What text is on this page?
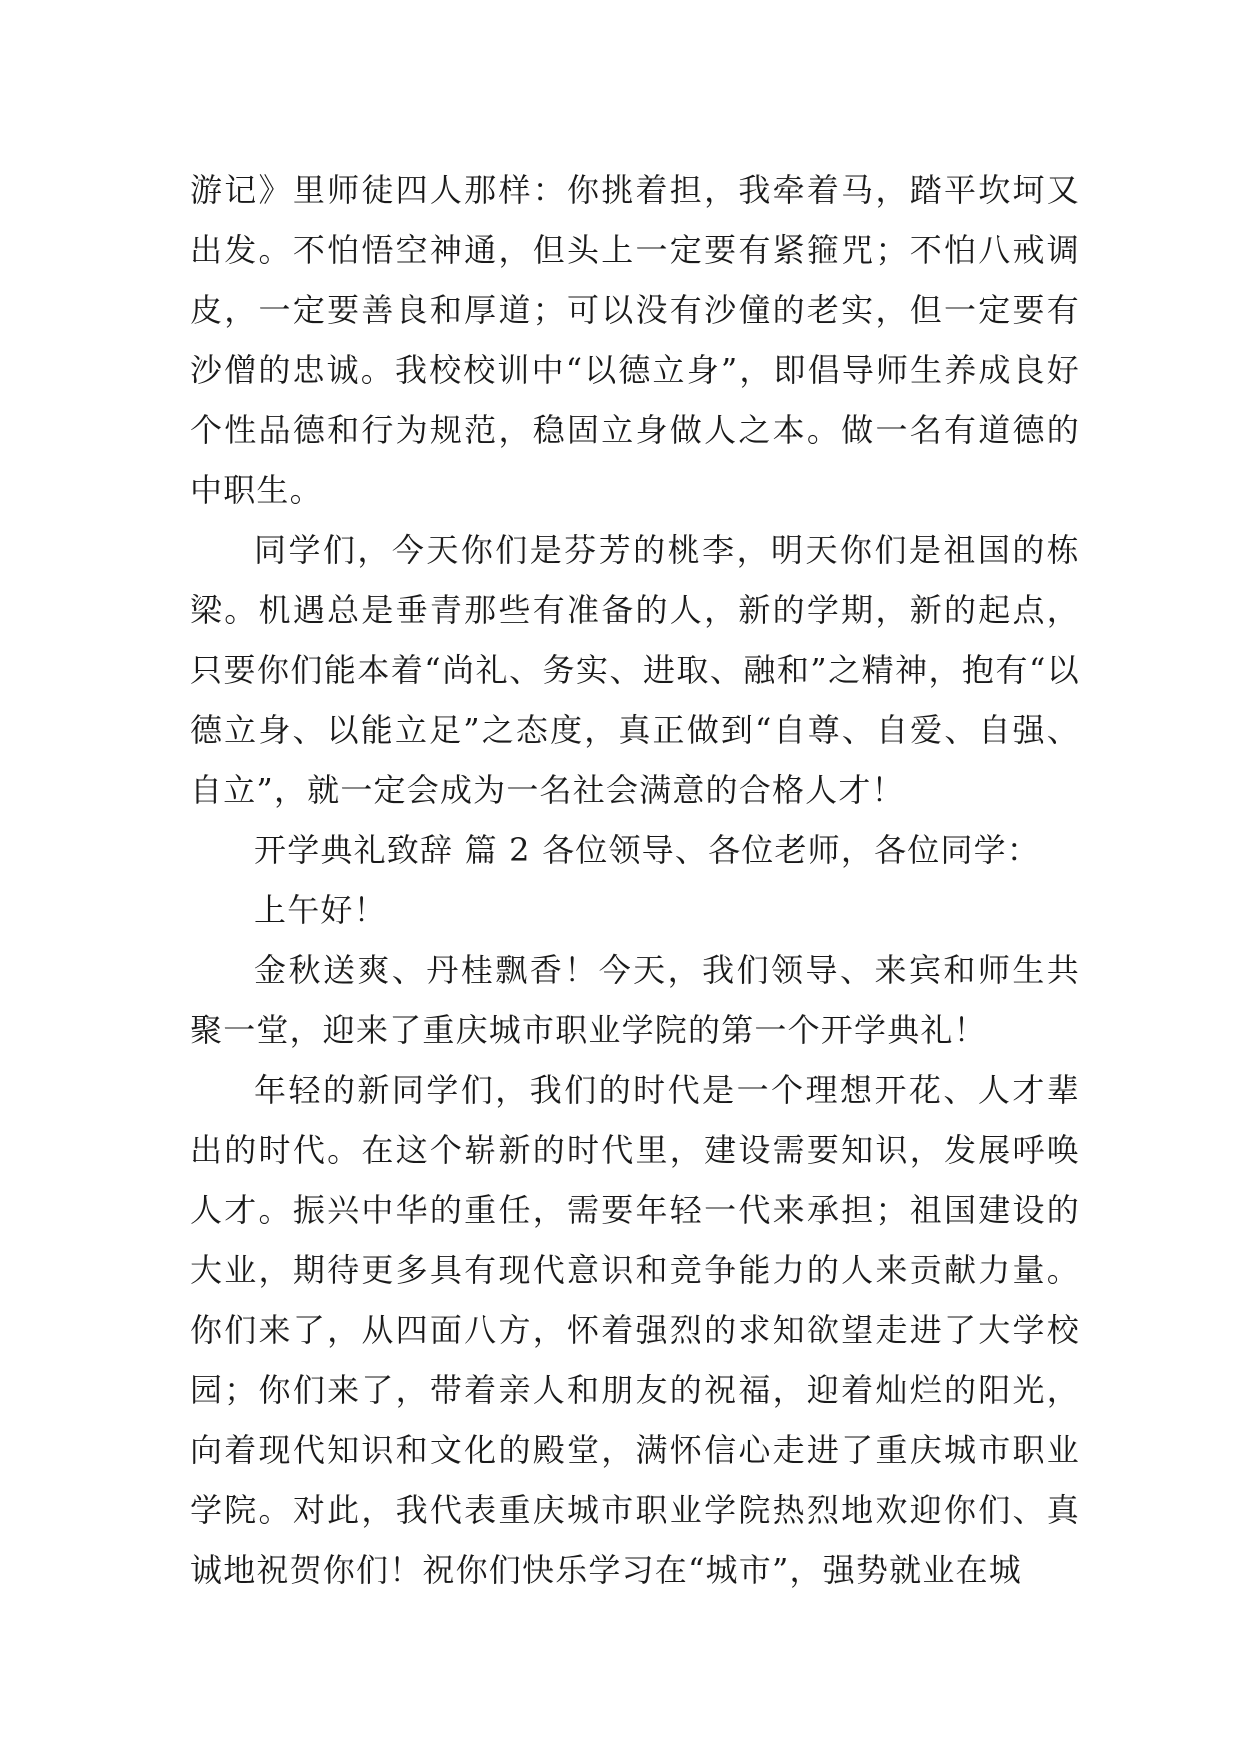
游记》里师徒四人那样：你挑着担，我牵着马，踏平坎坷又出发。不怕悟空神通，但头上一定要有紧箍咒；不怕八戒调皮，一定要善良和厚道；可以没有沙僮的老实，但一定要有沙僧的忠诚。我校校训中“以德立身”，即倡导师生养成良好个性品德和行为规范，稳固立身做人之本。做一名有道德的中职生。

同学们，今天你们是芬芳的桃李，明天你们是祖国的栋梁。机遇总是垂青那些有准备的人，新的学期，新的起点，只要你们能本着“尚礼、务实、进取、融和”之精神，抱有“以德立身、以能立足”之态度，真正做到“自尊、自爱、自强、自立”，就一定会成为一名社会满意的合格人才！

开学典礼致辞 篇 2 各位领导、各位老师，各位同学：

上午好！

金秋送爽、丹桂飘香！今天，我们领导、来宾和师生共聚一堂，迎来了重庆城市职业学院的第一个开学典礼！

年轻的新同学们，我们的时代是一个理想开花、人才辈出的时代。在这个崭新的时代里，建设需要知识，发展呼唤人才。振兴中华的重任，需要年轻一代来承担；祖国建设的大业，期待更多具有现代意识和竞争能力的人来贡献力量。你们来了，从四面八方，怀着强烈的求知欲望走进了大学校园；你们来了，带着亲人和朋友的祝福，迎着灿烂的阳光，向着现代知识和文化的殿堂，满怀信心走进了重庆城市职业学院。对此，我代表重庆城市职业学院热烈地欢迎你们、真诚地祝贺你们！祝你们快乐学习在“城市”，强势就业在城
